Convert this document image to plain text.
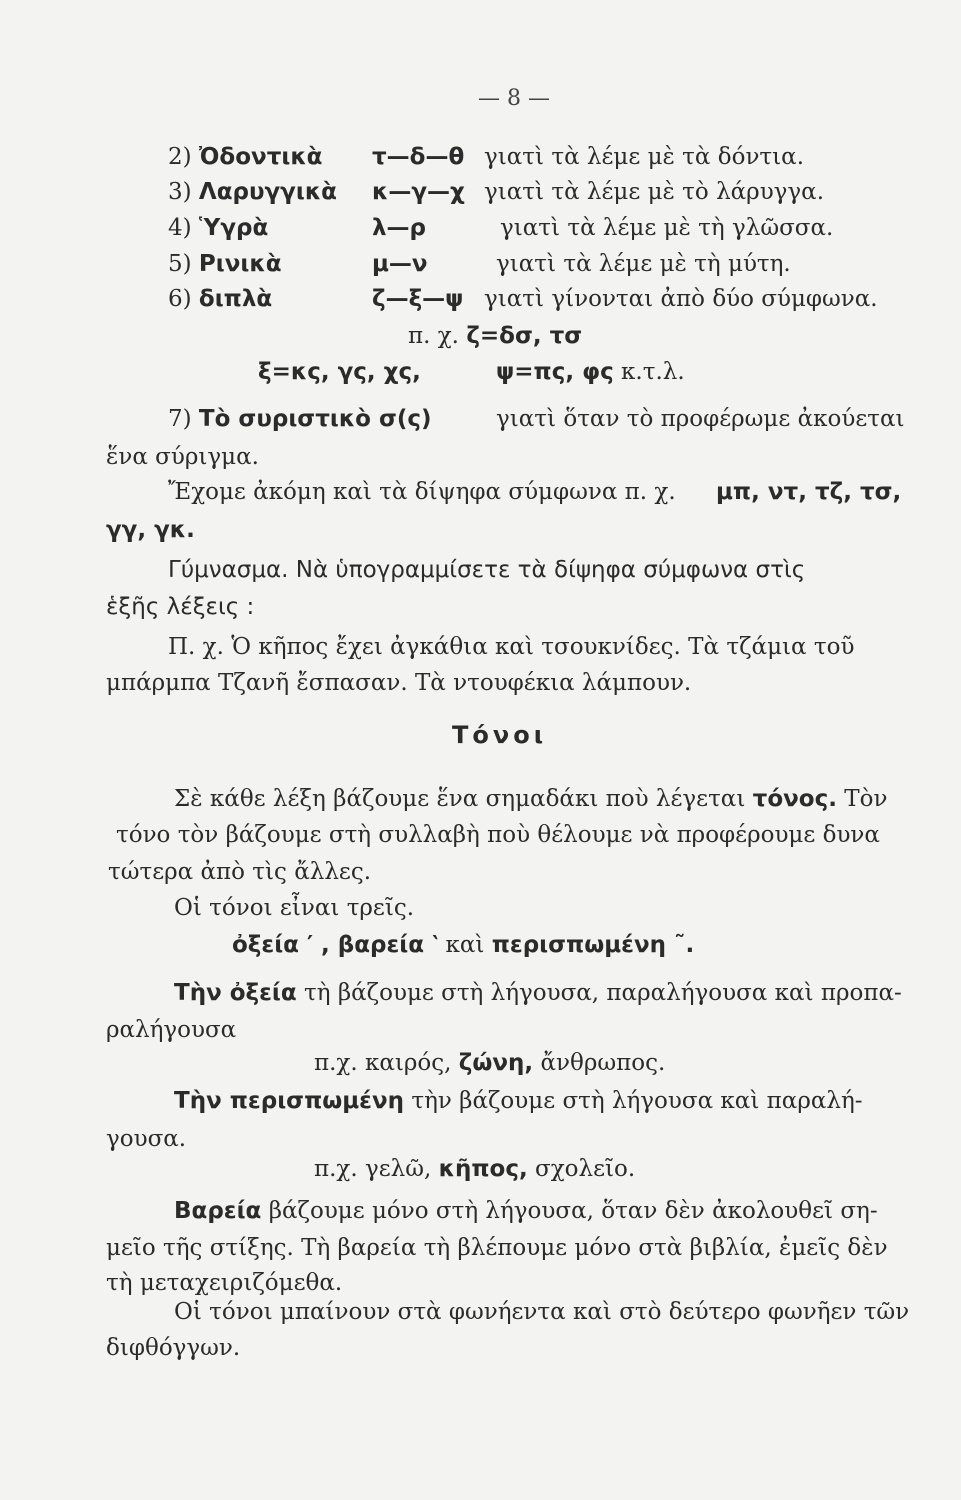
— 8 —
2) Ὀδοντικὰ τ—δ—θ γιατὶ τὰ λέμε μὲ τὰ δόντια.
3) Λαρυγγικὰ κ—γ—χ γιατὶ τὰ λέμε μὲ τὸ λάρυγγα.
4) Ὑγρὰ	λ—ρ	γιατὶ τὰ λέμε μὲ τὴ γλῶσσα.
5) Ρινικὰ	μ—ν	γιατὶ τὰ λέμε μὲ τὴ μύτη.
6) διπλὰ	ζ—ξ—ψ γιατὶ γίνονται ἀπὸ δύο σύμφωνα.
π. χ. ζ=δσ, τσ
ξ=κς, γς, χς,	ψ=πς, φς κ.τ.λ.
7) Τὸ συριστικὸ σ(ς)	γιατὶ ὅταν τὸ προφέρωμε ἀκούεται
ἕνα σύριγμα.
Ἔχομε ἀκόμη καὶ τὰ δίψηφα σύμφωνα π. χ. μπ, ντ, τζ, τσ,
γγ, γκ.
Γύμνασμα. Νὰ ὑπογραμμίσετε τὰ δίψηφα σύμφωνα στὶς
ἑξῆς λέξεις :
Π. χ. Ὁ κῆπος ἔχει ἀγκάθια καὶ τσουκνίδες. Τὰ τζάμια τοῦ
μπάρμπα Τζανῆ ἔσπασαν. Τὰ ντουφέκια λάμπουν.
Τόνοι
Σὲ κάθε λέξη βάζουμε ἕνα σημαδάκι ποὺ λέγεται τόνος. Τὸν
τόνο τὸν βάζουμε στὴ συλλαβὴ ποὺ θέλουμε νὰ προφέρουμε δυνα
τώτερα ἀπὸ τὶς ἄλλες.
Οἱ τόνοι εἶναι τρεῖς.
ὀξεία ′ , βαρεία ‵ καὶ περισπωμένη ῀.
Τὴν ὀξεία τὴ βάζουμε στὴ λήγουσα, παραλήγουσα καὶ προπα-
ραλήγουσα
π.χ. καιρός, ζώνη, ἄνθρωπος.
Τὴν περισπωμένη τὴν βάζουμε στὴ λήγουσα καὶ παραλή-
γουσα.
π.χ. γελῶ, κῆπος, σχολεῖο.
Βαρεία βάζουμε μόνο στὴ λήγουσα, ὅταν δὲν ἀκολουθεῖ ση-
μεῖο τῆς στίξης. Τὴ βαρεία τὴ βλέπουμε μόνο στὰ βιβλία, ἐμεῖς δὲν
τὴ μεταχειριζόμεθα.
Οἱ τόνοι μπαίνουν στὰ φωνήεντα καὶ στὸ δεύτερο φωνῆεν τῶν
διφθόγγων.
